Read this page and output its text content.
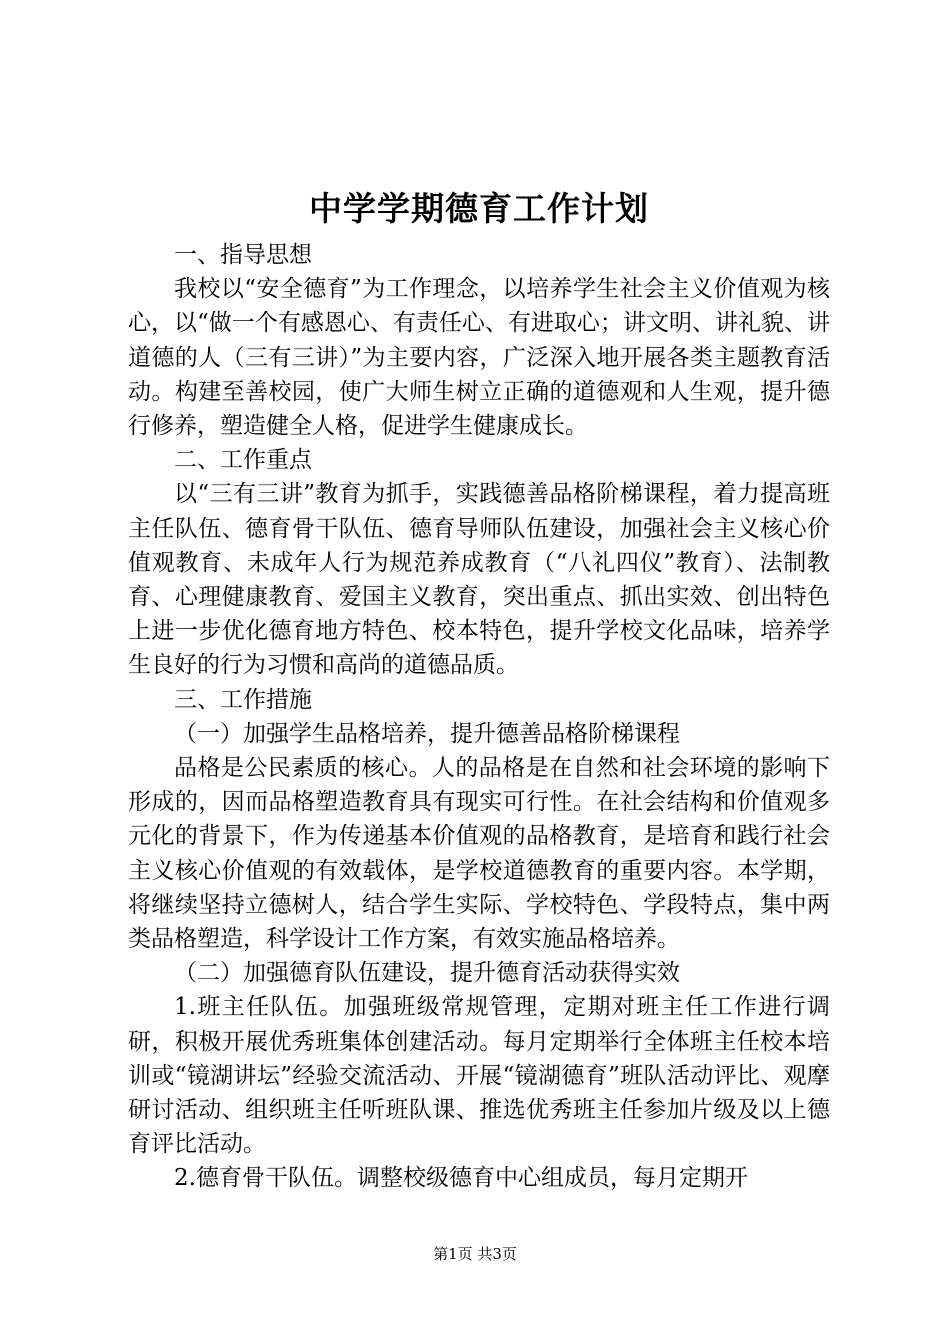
中学学期德育工作计划

一、指导思想

我校以“安全德育”为工作理念，以培养学生社会主义价值观为核心，以“做一个有感恩心、有责任心、有进取心；讲文明、讲礼貌、讲道德的人（三有三讲）”为主要内容，广泛深入地开展各类主题教育活动。构建至善校园，使广大师生树立正确的道德观和人生观，提升德行修养，塑造健全人格，促进学生健康成长。

二、工作重点

以“三有三讲”教育为抓手，实践德善品格阶梯课程，着力提高班主任队伍、德育骨干队伍、德育导师队伍建设，加强社会主义核心价值观教育、未成年人行为规范养成教育（“八礼四仪”教育）、法制教育、心理健康教育、爱国主义教育，突出重点、抓出实效、创出特色上进一步优化德育地方特色、校本特色，提升学校文化品味，培养学生良好的行为习惯和高尚的道德品质。

三、工作措施

（一）加强学生品格培养，提升德善品格阶梯课程

品格是公民素质的核心。人的品格是在自然和社会环境的影响下形成的，因而品格塑造教育具有现实可行性。在社会结构和价值观多元化的背景下，作为传递基本价值观的品格教育，是培育和践行社会主义核心价值观的有效载体，是学校道德教育的重要内容。本学期，将继续坚持立德树人，结合学生实际、学校特色、学段特点，集中两类品格塑造，科学设计工作方案，有效实施品格培养。

（二）加强德育队伍建设，提升德育活动获得实效

1.班主任队伍。加强班级常规管理，定期对班主任工作进行调研，积极开展优秀班集体创建活动。每月定期举行全体班主任校本培训或“镜湖讲坛”经验交流活动、开展“镜湖德育”班队活动评比、观摩研讨活动、组织班主任听班队课、推选优秀班主任参加片级及以上德育评比活动。

2.德育骨干队伍。调整校级德育中心组成员，每月定期开

第1页 共3页
